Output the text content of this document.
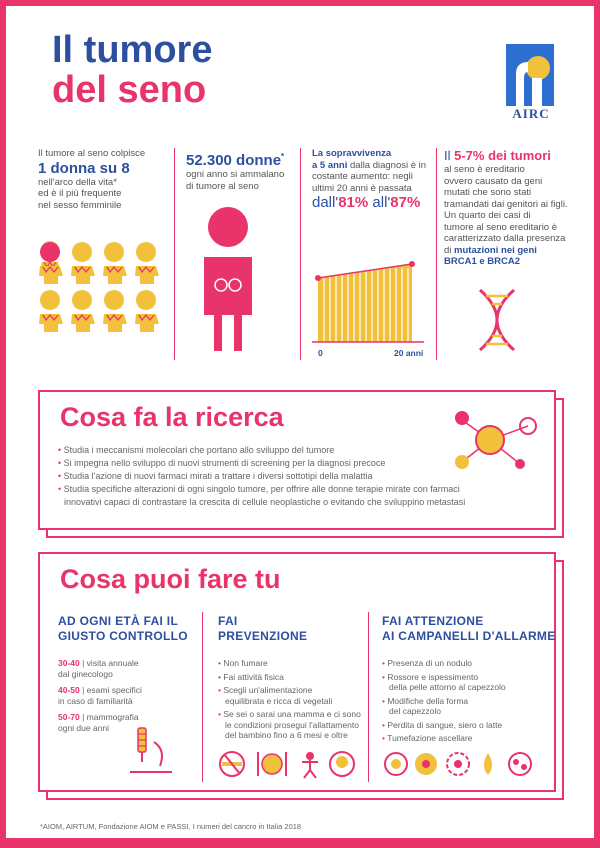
Il tumore
del seno
AIRC
Il tumore al seno colpisce
1 donna su 8
nell'arco della vita*
ed è il più frequente
nel sesso femminile
52.300 donne*
ogni anno si ammalano
di tumore al seno
La sopravvivenza
a 5 anni dalla diagnosi è in
costante aumento: negli
ultimi 20 anni è passata
dall'81% all'87%
0	20 anni
Il 5-7% dei tumori
al seno è ereditario
ovvero causato da geni
mutati che sono stati
tramandati dai genitori ai figli.
Un quarto dei casi di
tumore al seno ereditario è
caratterizzato dalla presenza
di mutazioni nei geni
BRCA1 e BRCA2
Cosa fa la ricerca
• Studia i meccanismi molecolari che portano allo sviluppo del tumore
• Si impegna nello sviluppo di nuovi strumenti di screening per la diagnosi precoce
• Studia l'azione di nuovi farmaci mirati a trattare i diversi sottotipi della malattia
• Studia specifiche alterazioni di ogni singolo tumore, per offrire alle donne terapie mirate con farmaci
innovativi capaci di contrastare la crescita di cellule neoplastiche o evitando che sviluppino metastasi
Cosa puoi fare tu
AD OGNI ETÀ FAI IL
GIUSTO CONTROLLO
30-40 | visita annuale
dal ginecologo
40-50 | esami specifici
in caso di familiarità
50-70 | mammografia
ogni due anni
FAI
PREVENZIONE
• Non fumare
• Fai attività fisica
• Scegli un'alimentazione
equilibrata e ricca di vegetali
• Se sei o sarai una mamma e ci sono
le condizioni prosegui l'allattamento
del bambino fino a 6 mesi e oltre
FAI ATTENZIONE
AI CAMPANELLI D'ALLARME
• Presenza di un nodulo
• Rossore e ispessimento
della pelle attorno al capezzolo
• Modifiche della forma
del capezzolo
• Perdita di sangue, siero o latte
• Tumefazione ascellare
*AIOM, AIRTUM, Fondazione AIOM e PASSI, I numeri del cancro in Italia 2018
